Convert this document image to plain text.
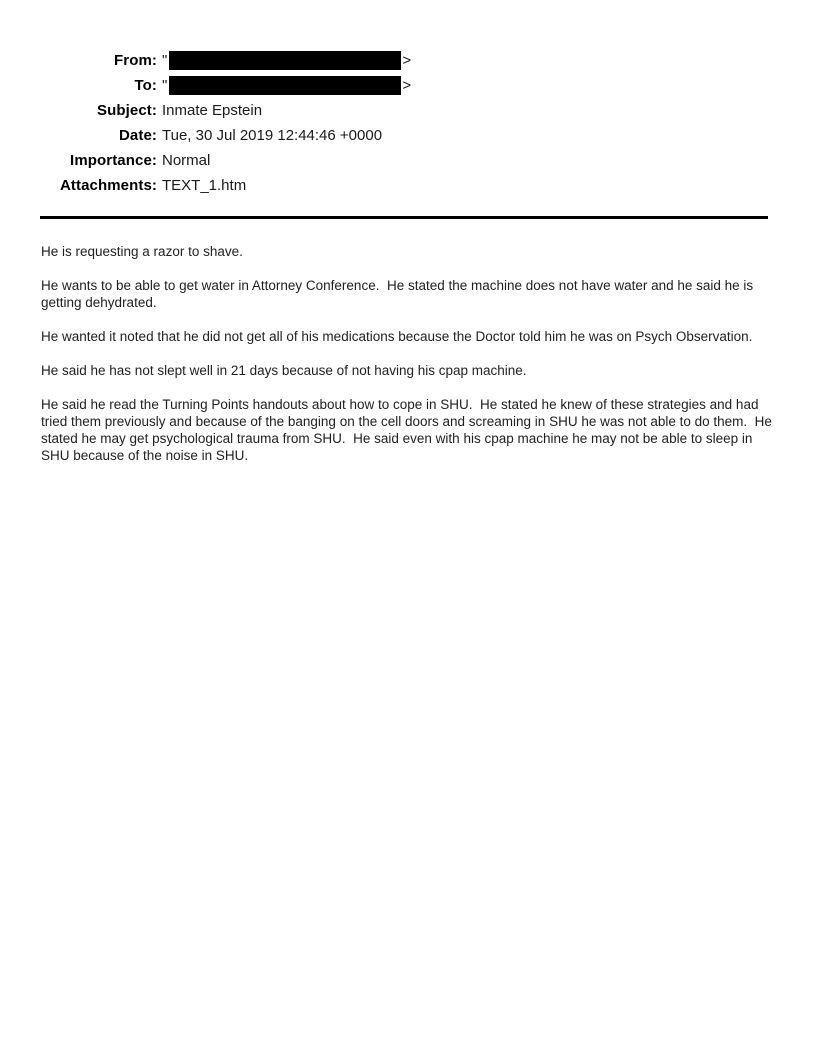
From: "	>
To: "	>
Subject: Inmate Epstein
Date: Tue, 30 Jul 2019 12:44:46 +0000
Importance: Normal
Attachments: TEXT_1.htm

He is requesting a razor to shave.

He wants to be able to get water in Attorney Conference.  He stated the machine does not have water and he said he is getting dehydrated.

He wanted it noted that he did not get all of his medications because the Doctor told him he was on Psych Observation.

He said he has not slept well in 21 days because of not having his cpap machine.

He said he read the Turning Points handouts about how to cope in SHU.  He stated he knew of these strategies and had tried them previously and because of the banging on the cell doors and screaming in SHU he was not able to do them.  He stated he may get psychological trauma from SHU.  He said even with his cpap machine he may not be able to sleep in SHU because of the noise in SHU.
